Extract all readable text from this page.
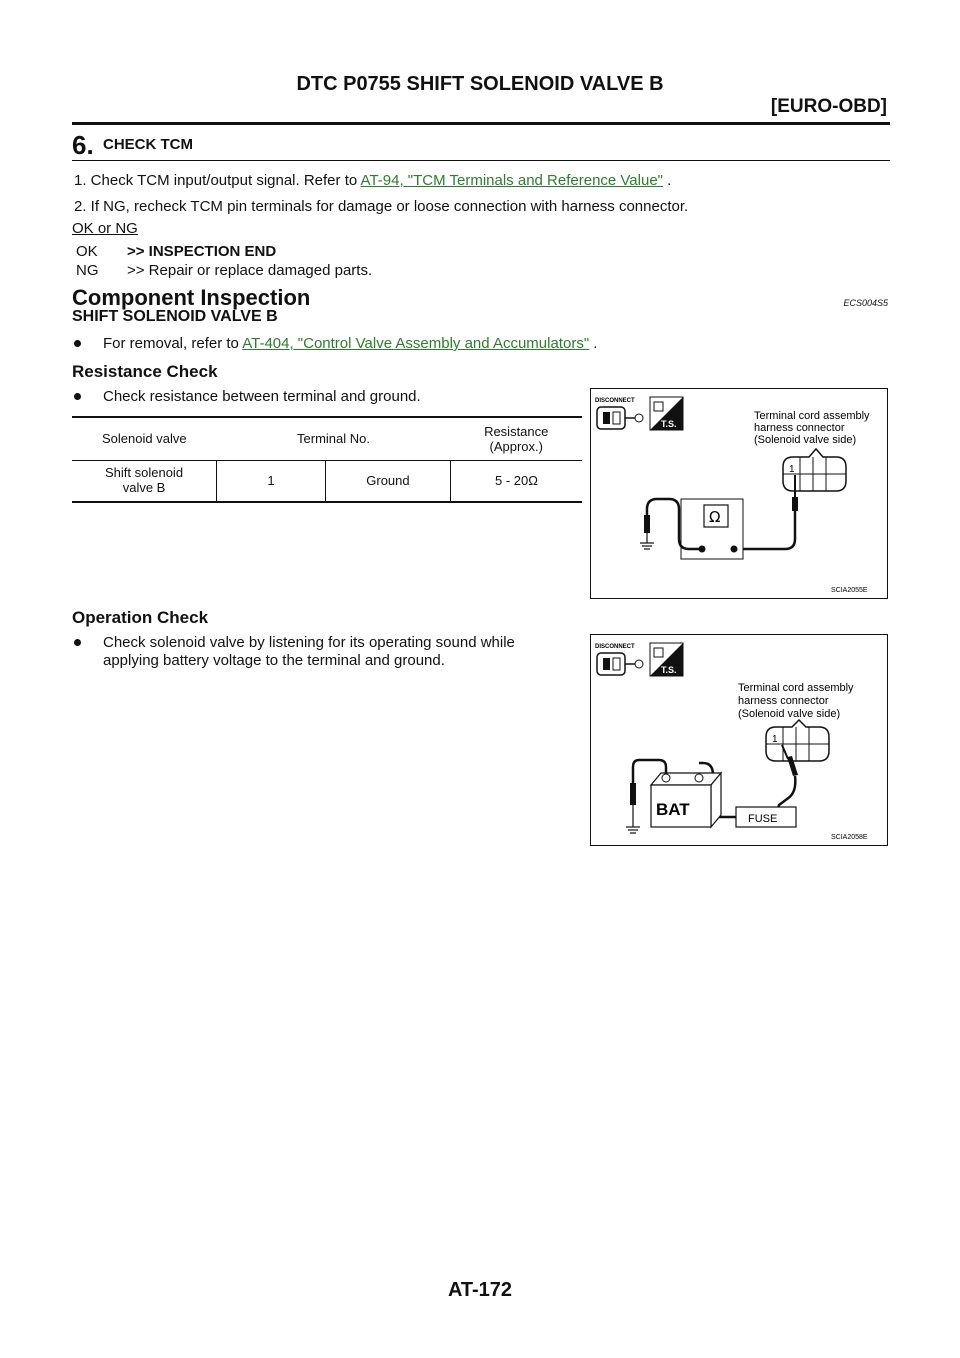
DTC P0755 SHIFT SOLENOID VALVE B
[EURO-OBD]
6. CHECK TCM
1. Check TCM input/output signal. Refer to AT-94, "TCM Terminals and Reference Value" .
2. If NG, recheck TCM pin terminals for damage or loose connection with harness connector.
OK or NG
OK >> INSPECTION END
NG >> Repair or replace damaged parts.
Component Inspection	ECS004S5
SHIFT SOLENOID VALVE B
For removal, refer to AT-404, "Control Valve Assembly and Accumulators" .
Resistance Check
Check resistance between terminal and ground.
Solenoid valve	Terminal No.		Resistance
(Approx.)

Shift solenoid
valve B	1	Ground	5 - 20Ω
DISCONNECT
T.S.
Terminal cord assembly
harness connector
(Solenoid valve side)
1
Ω
SCIA2055E
Operation Check
Check solenoid valve by listening for its operating sound while
applying battery voltage to the terminal and ground.
DISCONNECT
T.S.
Terminal cord assembly
harness connector
(Solenoid valve side)
1
FUSE
BAT
SCIA2058E
AT-172
